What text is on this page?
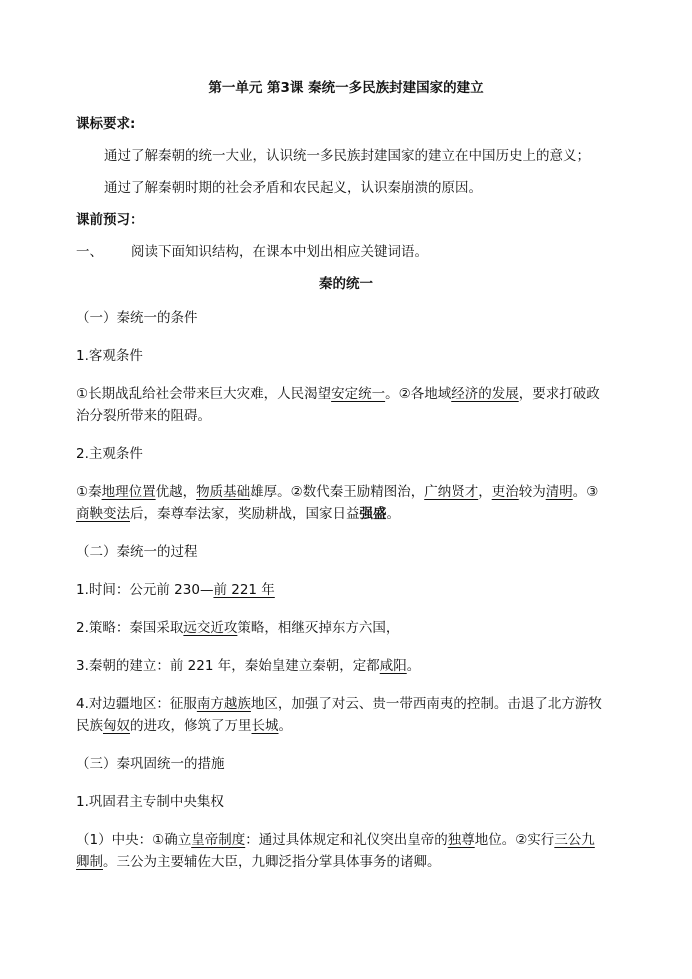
第一单元 第3课 秦统一多民族封建国家的建立
课标要求:
通过了解秦朝的统一大业，认识统一多民族封建国家的建立在中国历史上的意义；
通过了解秦朝时期的社会矛盾和农民起义，认识秦崩溃的原因。
课前预习：
一、 阅读下面知识结构，在课本中划出相应关键词语。
秦的统一
（一）秦统一的条件
1.客观条件
①长期战乱给社会带来巨大灾难，人民渴望安定统一。②各地域经济的发展，要求打破政
治分裂所带来的阻碍。
2.主观条件
①秦地理位置优越，物质基础雄厚。②数代秦王励精图治，广纳贤才，吏治较为清明。③
商鞅变法后，秦尊奉法家，奖励耕战，国家日益强盛。
（二）秦统一的过程
1.时间：公元前 230—前 221 年
2.策略：秦国采取远交近攻策略，相继灭掉东方六国，
3.秦朝的建立：前 221 年，秦始皇建立秦朝，定都咸阳。
4.对边疆地区：征服南方越族地区，加强了对云、贵一带西南夷的控制。击退了北方游牧
民族匈奴的进攻，修筑了万里长城。
（三）秦巩固统一的措施
1.巩固君主专制中央集权
（1）中央：①确立皇帝制度：通过具体规定和礼仪突出皇帝的独尊地位。②实行三公九
卿制。三公为主要辅佐大臣，九卿泛指分掌具体事务的诸卿。
